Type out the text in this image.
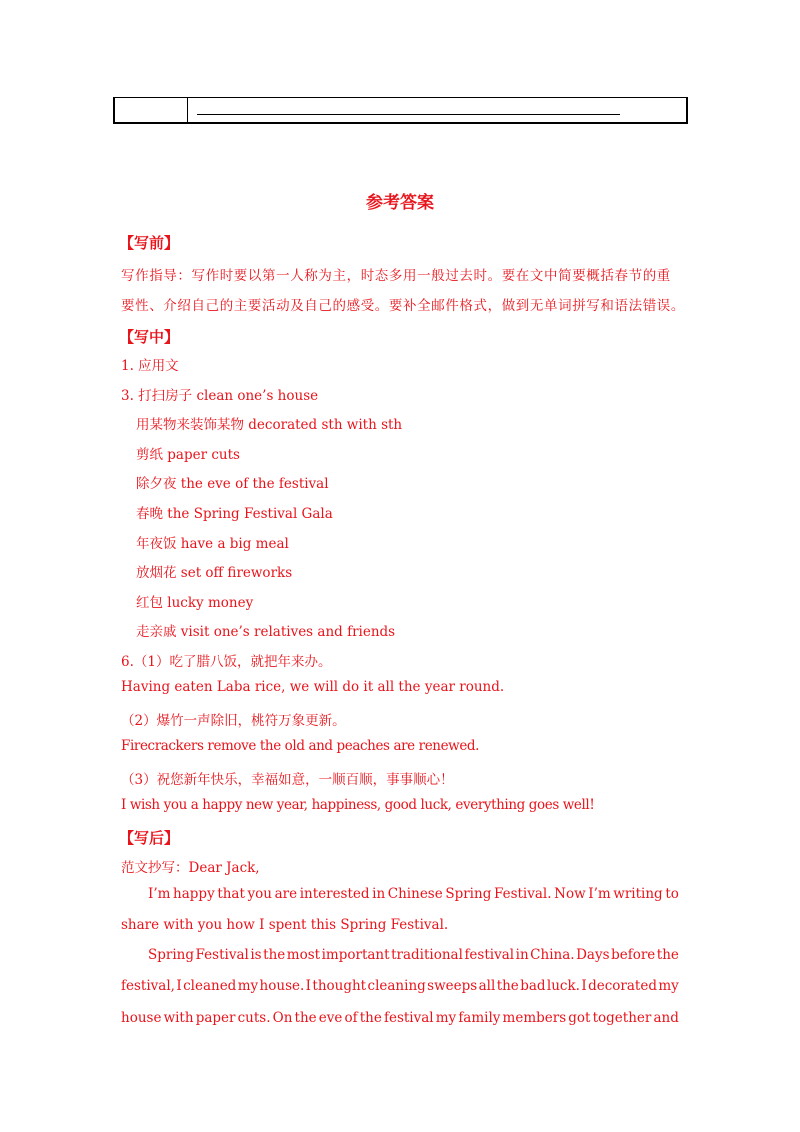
参考答案
【写前】
写作指导：写作时要以第一人称为主，时态多用一般过去时。要在文中简要概括春节的重
要性、介绍自己的主要活动及自己的感受。要补全邮件格式，做到无单词拼写和语法错误。
【写中】
1. 应用文
3. 打扫房子 clean one’s house
用某物来装饰某物 decorated sth with sth
剪纸 paper cuts
除夕夜 the eve of the festival
春晚 the Spring Festival Gala
年夜饭 have a big meal
放烟花 set off fireworks
红包 lucky money
走亲戚 visit one’s relatives and friends
6.（1）吃了腊八饭，就把年来办。
Having eaten Laba rice, we will do it all the year round.
（2）爆竹一声除旧，桃符万象更新。
Firecrackers remove the old and peaches are renewed.
（3）祝您新年快乐，幸福如意，一顺百顺，事事顺心！
I wish you a happy new year, happiness, good luck, everything goes well!
【写后】
范文抄写：Dear Jack,
I’m happy that you are interested in Chinese Spring Festival. Now I’m writing to
share with you how I spent this Spring Festival.
Spring Festival is the most important traditional festival in China. Days before the
festival, I cleaned my house. I thought cleaning sweeps all the bad luck. I decorated my
house with paper cuts. On the eve of the festival my family members got together and
